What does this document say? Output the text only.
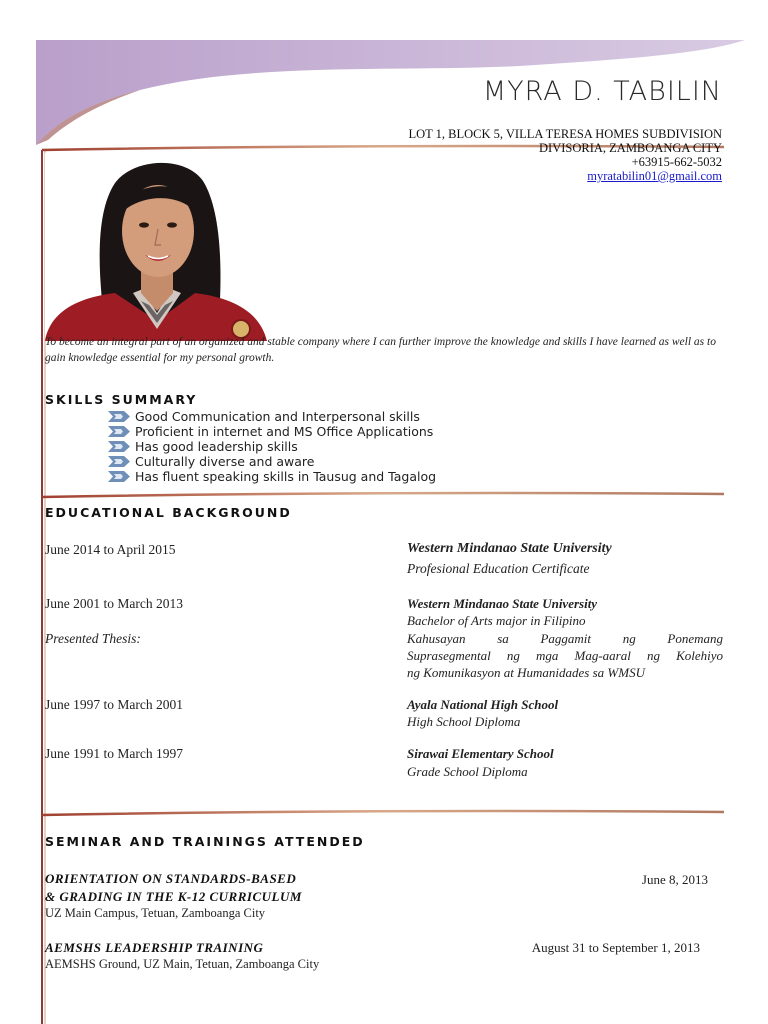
MYRA D. TABILIN
LOT 1, BLOCK 5, VILLA TERESA HOMES SUBDIVISION
DIVISORIA, ZAMBOANGA CITY
+63915-662-5032
myratabilin01@gmail.com
To become an integral part of an organized and stable company where I can further improve the knowledge and skills I have learned as well as to gain knowledge essential for my personal growth.
SKILLS SUMMARY
Good Communication and Interpersonal skills
Proficient in internet and MS Office Applications
Has good leadership skills
Culturally diverse and aware
Has fluent speaking skills in Tausug and Tagalog
EDUCATIONAL BACKGROUND
June 2014 to April 2015	Western Mindanao State University
Profesional Education Certificate
June 2001 to March 2013	Western Mindanao State University
Bachelor of Arts major in Filipino
Presented Thesis:	Kahusayan sa Paggamit ng Ponemang
Suprasegmental ng mga Mag-aaral ng Kolehiyo
ng Komunikasyon at Humanidades sa WMSU
June 1997 to March 2001	Ayala National High School
High School Diploma
June 1991 to March 1997	Sirawai Elementary School
Grade School Diploma
SEMINAR AND TRAININGS ATTENDED
ORIENTATION ON STANDARDS-BASED
& GRADING IN THE K-12 CURRICULUM
June 8, 2013
UZ Main Campus, Tetuan, Zamboanga City
AEMSHS LEADERSHIP TRAINING	August 31 to September 1, 2013
AEMSHS Ground, UZ Main, Tetuan, Zamboanga City
